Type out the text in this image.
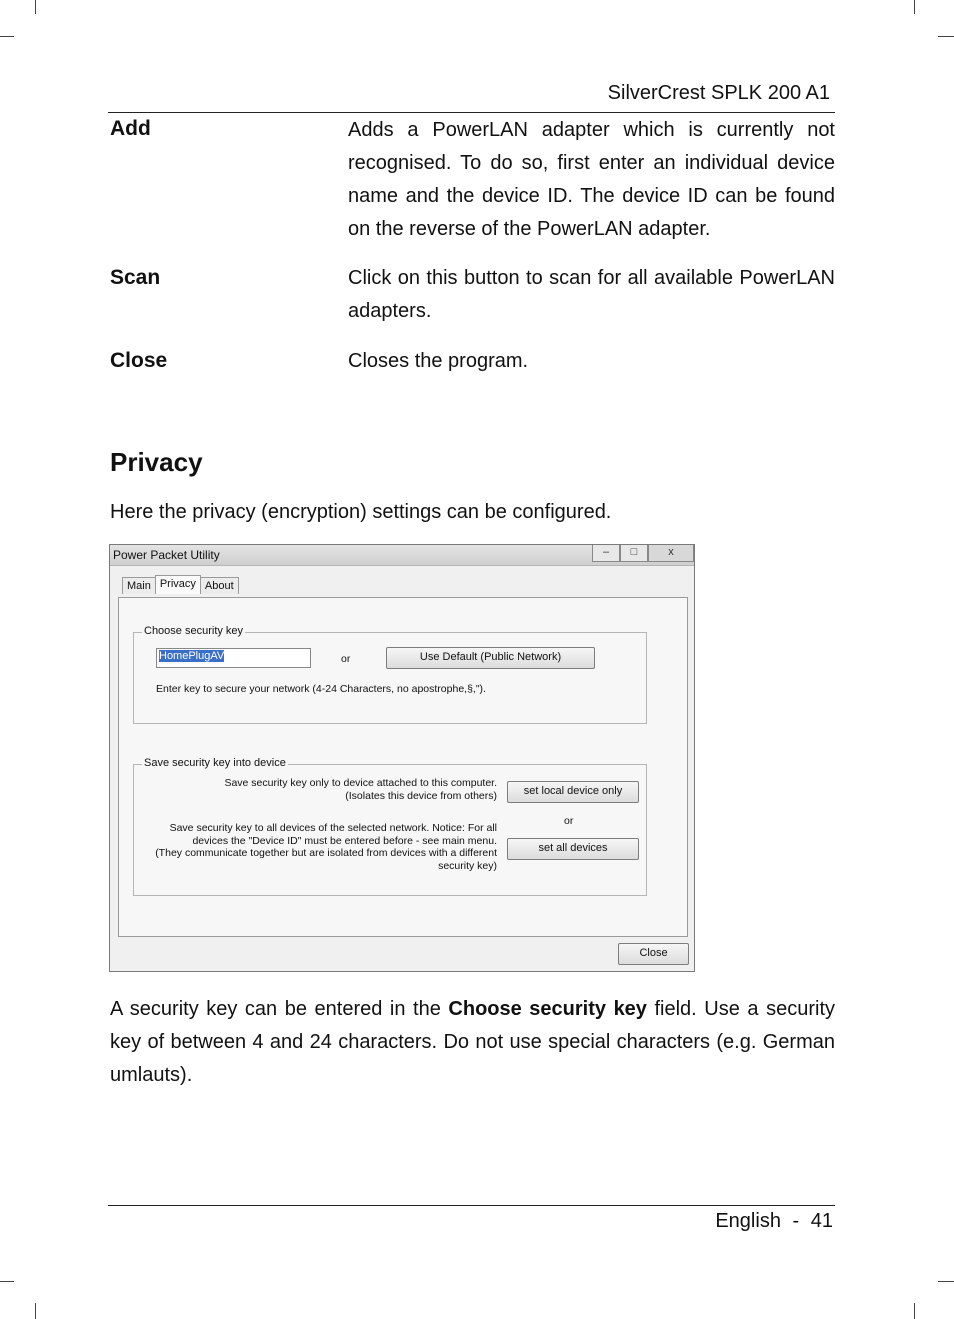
SilverCrest SPLK 200 A1
Add	Adds a PowerLAN adapter which is currently not recognised. To do so, first enter an individual device name and the device ID. The device ID can be found on the reverse of the PowerLAN adapter.
Scan	Click on this button to scan for all available PowerLAN adapters.
Close	Closes the program.
Privacy
Here the privacy (encryption) settings can be configured.
Power Packet Utility	–	□	x
Main Privacy About
Choose security key
HomePlugAV	or	Use Default (Public Network)
Enter key to secure your network (4-24 Characters, no apostrophe,§,").
Save security key into device
Save security key only to device attached to this computer.
(Isolates this device from others)	set local device only
or
Save security key to all devices of the selected network. Notice: For all
devices the "Device ID" must be entered before - see main menu.
(They communicate together but are isolated from devices with a different
security key)
set all devices
Close
A security key can be entered in the Choose security key field. Use a security key of between 4 and 24 characters. Do not use special characters (e.g. German umlauts).
English - 41
